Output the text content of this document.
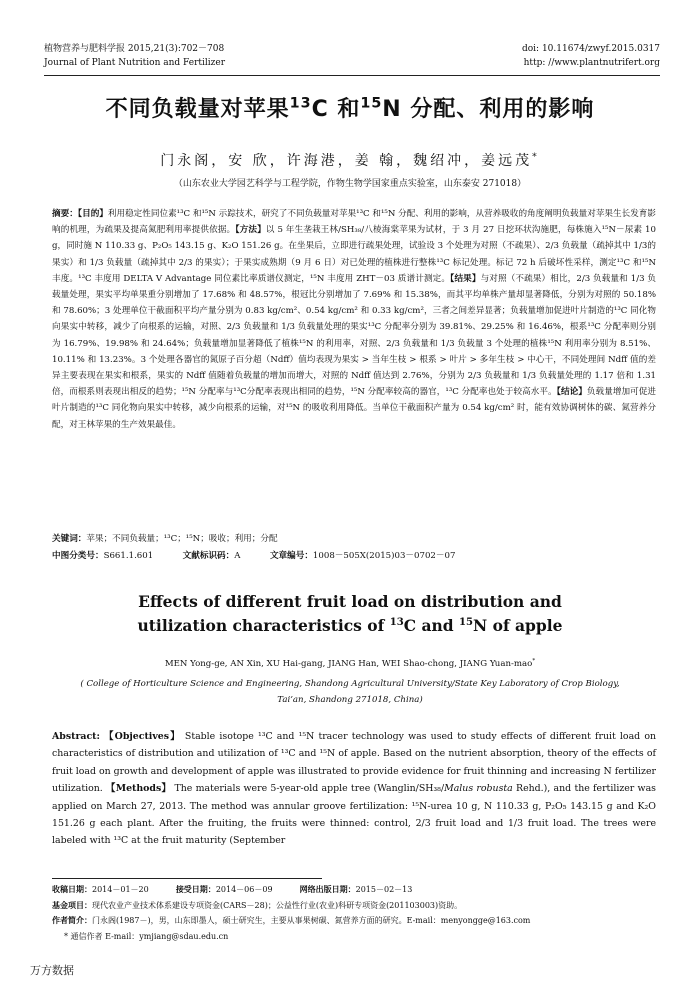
植物营养与肥料学报 2015,21(3):702－708
Journal of Plant Nutrition and Fertilizer
doi: 10.11674/zwyf.2015.0317
http: //www.plantnutrifert.org
不同负载量对苹果$^{13}$C 和$^{15}$N 分配、利用的影响
门永阁，安 欣，许海港，姜 翰，魏绍冲，姜远茂*
（山东农业大学园艺科学与工程学院，作物生物学国家重点实验室，山东泰安 271018）
摘要：【目的】利用稳定性同位素¹³C 和¹⁵N 示踪技术，研究了不同负载量对苹果¹³C 和¹⁵N 分配、利用的影响，从营养吸收的角度阐明负载量对苹果生长发育影响的机理，为疏果及提高氮肥利用率提供依据。【方法】以 5 年生垄栽王林/SH₃₈/八棱海棠苹果为试材，于 3 月 27 日挖环状沟施肥，每株施入¹⁵N－尿素 10 g，同时施 N 110.33 g、P₂O₅ 143.15 g、K₂O 151.26 g。在坐果后，立即进行疏果处理，试验设 3 个处理为对照（不疏果）、2/3 负载量（疏掉其中 1/3的果实）和 1/3 负载量（疏掉其中 2/3 的果实）；于果实成熟期（9 月 6 日）对已处理的植株进行整株¹³C 标记处理。标记 72 h 后破坏性采样，测定¹³C 和¹⁵N 丰度。¹³C 丰度用 DELTA V Advantage 同位素比率质谱仪测定，¹⁵N 丰度用 ZHT－03 质谱计测定。【结果】与对照（不疏果）相比，2/3 负载量和 1/3 负载量处理，果实平均单果重分别增加了 17.68% 和 48.57%，根冠比分别增加了 7.69% 和 15.38%，而其平均单株产量却显著降低，分别为对照的 50.18% 和 78.60%；3 处理单位干截面积平均产量分别为 0.83 kg/cm²、0.54 kg/cm² 和 0.33 kg/cm²，三者之间差异显著；负载量增加促进叶片制造的¹³C 同化物向果实中转移，减少了向根系的运输，对照、2/3 负载量和 1/3 负载量处理的果实¹³C 分配率分别为 39.81%、29.25% 和 16.46%，根系¹³C 分配率则分别为 16.79%、19.98% 和 24.64%；负载量增加显著降低了植株¹⁵N 的利用率，对照、2/3 负载量和 1/3 负载量 3 个处理的植株¹⁵N 利用率分别为 8.51%、10.11% 和 13.23%。3 个处理各器官的氮原子百分超（Ndff）值均表现为果实 > 当年生枝 > 根系 > 叶片 > 多年生枝 > 中心干，不同处理间 Ndff 值的差异主要表现在果实和根系，果实的 Ndff 值随着负载量的增加而增大，对照的 Ndff 值达到 2.76%，分别为 2/3 负载量和 1/3 负载量处理的 1.17 倍和 1.31 倍，而根系则表现出相反的趋势；¹⁵N 分配率与¹³C分配率表现出相同的趋势，¹⁵N 分配率较高的器官，¹³C 分配率也处于较高水平。【结论】负载量增加可促进叶片制造的¹³C 同化物向果实中转移，减少向根系的运输，对¹⁵N 的吸收利用降低。当单位干截面积产量为 0.54 kg/cm² 时，能有效协调树体的碳、氮营养分配，对王林苹果的生产效果最佳。
关键词：苹果；不同负载量；¹³C；¹⁵N；吸收；利用；分配
中图分类号：S661.1.601	文献标识码：A	文章编号：1008－505X(2015)03－0702－07
Effects of different fruit load on distribution and
utilization characteristics of $^{13}$C and $^{15}$N of apple
MEN Yong-ge, AN Xin, XU Hai-gang, JIANG Han, WEI Shao-chong, JIANG Yuan-mao*
( College of Horticulture Science and Engineering, Shandong Agricultural University/State Key Laboratory of Crop Biology,
Tai’an, Shandong 271018, China)
Abstract: 【Objectives】 Stable isotope ¹³C and ¹⁵N tracer technology was used to study effects of different fruit load on characteristics of distribution and utilization of ¹³C and ¹⁵N of apple. Based on the nutrient absorption, theory of the effects of fruit load on growth and development of apple was illustrated to provide evidence for fruit thinning and increasing N fertilizer utilization. 【Methods】 The materials were 5-year-old apple tree (Wanglin/SH₃₈/Malus robusta Rehd.), and the fertilizer was applied on March 27, 2013. The method was annular groove fertilization: ¹⁵N-urea 10 g, N 110.33 g, P₂O₅ 143.15 g and K₂O 151.26 g each plant. After the fruiting, the fruits were thinned: control, 2/3 fruit load and 1/3 fruit load. The trees were labeled with ¹³C at the fruit maturity (September
收稿日期：2014－01－20	接受日期：2014－06－09	网络出版日期：2015－02－13
基金项目：现代农业产业技术体系建设专项资金(CARS－28)；公益性行业(农业)科研专项资金(201103003)资助。
作者简介：门永阁(1987－)，男，山东即墨人，硕士研究生，主要从事果树碳、氮营养方面的研究。E-mail：menyongge@163.com
* 通信作者 E-mail：ymjiang@sdau.edu.cn
万方数据
